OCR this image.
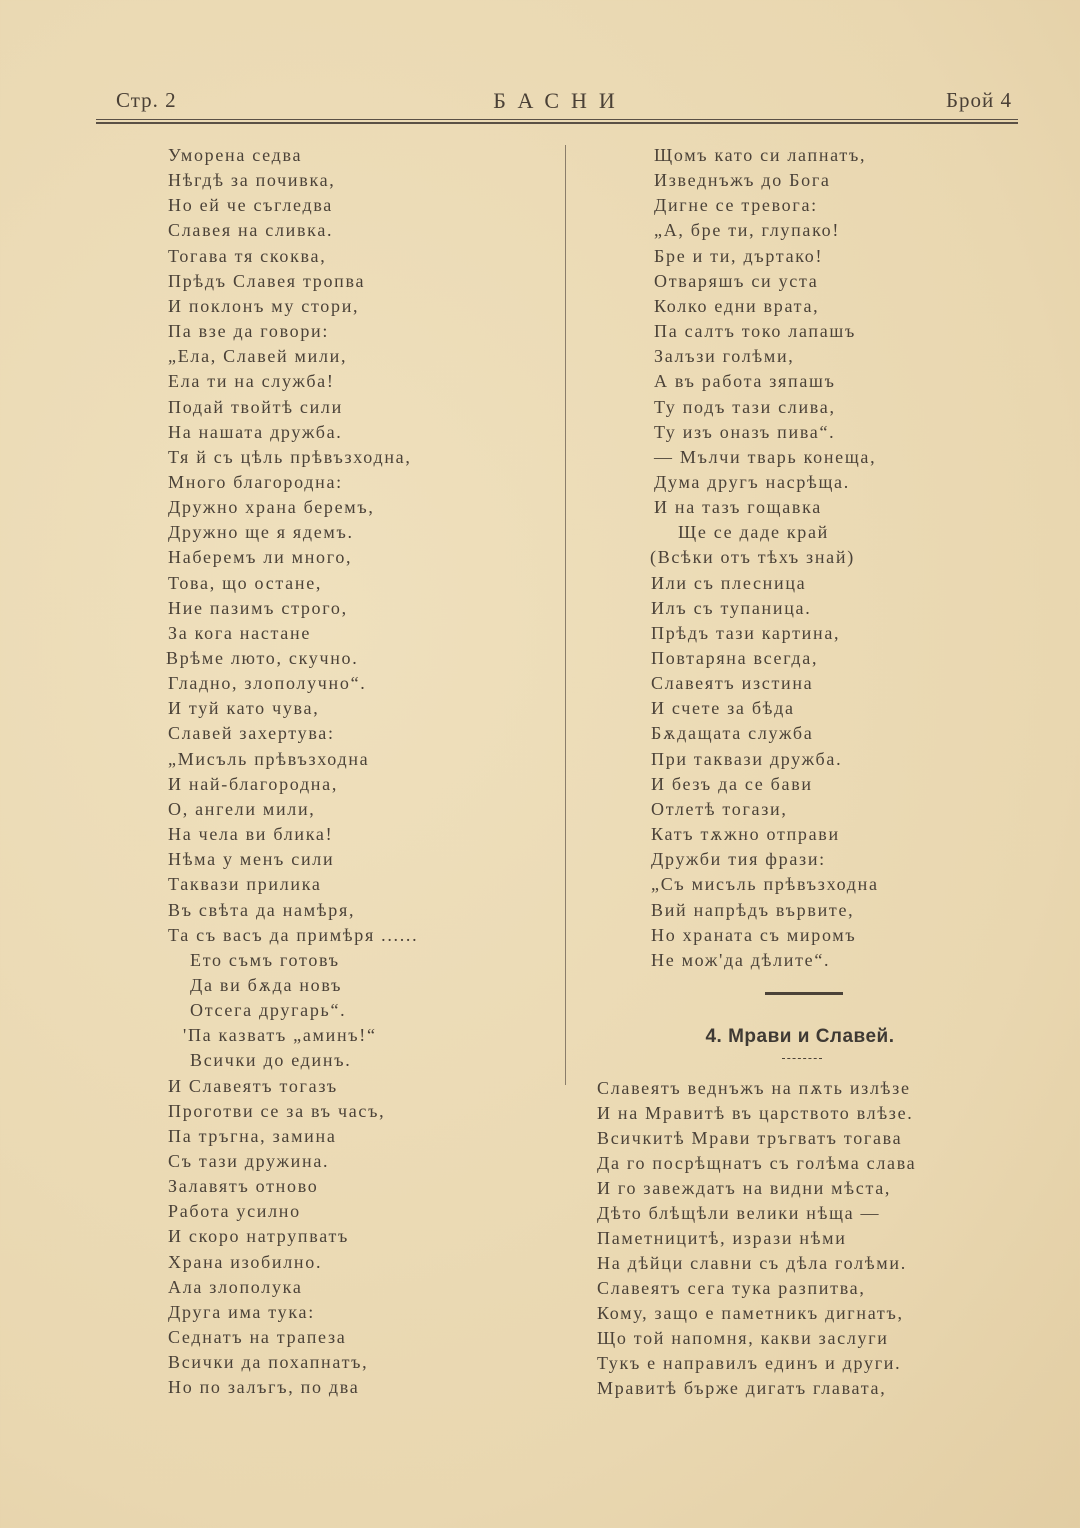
Стр. 2	БАСНИ	Брой 4
4. Мрави и Славей.
Уморена седва
Нѣгдѣ за почивка,
Но ей че съгледва
Славея на сливка.
Тогава тя скоква,
Прѣдъ Славея тропва
И поклонъ му стори,
Па взе да говори:
„Ела, Славей мили,
Ела ти на служба!
Подай твойтѣ сили
На нашата дружба.
Тя й съ цѣль прѣвъзходна,
Много благородна:
Дружно храна беремъ,
Дружно ще я ядемъ.
Наберемъ ли много,
Това, що остане,
Ние пазимъ строго,
За кога настане
Врѣме люто, скучно.
Гладно, злополучно“.
И туй като чува,
Славей захертува:
„Мисъль прѣвъзходна
И най-благородна,
О, ангели мили,
На чела ви блика!
Нѣма у менъ сили
Таквази прилика
Въ свѣта да намѣря,
Та съ васъ да примѣря ......
Ето съмъ готовъ
Да ви бѫда новъ
Отсега другарь“.
'Па казватъ „аминъ!“
Всички до единъ.
И Славеятъ тогазъ
Проготви се за въ часъ,
Па тръгна, замина
Съ тази дружина.
Залавятъ отново
Работа усилно
И скоро натрупватъ
Храна изобилно.
Ала злополука
Друга има тука:
Седнатъ на трапеза
Всички да похапнатъ,
Но по залъгъ, по два
Щомъ като си лапнатъ,
Изведнъжъ до Бога
Дигне се тревога:
„А, бре ти, глупако!
Бре и ти, дъртако!
Отваряшъ си уста
Колко едни врата,
Па салтъ токо лапашъ
Залъзи голѣми,
А въ работа зяпашъ
Ту подъ тази слива,
Ту изъ оназъ пива“.
— Мълчи тварь конеща,
Дума другъ насрѣща.
И на тазъ гощавка
Ще се даде край
(Всѣки отъ тѣхъ знай)
Или съ плесница
Илъ съ тупаница.
Прѣдъ тази картина,
Повтаряна всегда,
Славеятъ изстина
И счете за бѣда
Бѫдащата служба
При таквази дружба.
И безъ да се бави
Отлетѣ тогази,
Катъ тѫжно отправи
Дружби тия фрази:
„Съ мисъль прѣвъзходна
Вий напрѣдъ вървите,
Но храната съ миромъ
Не мож'да дѣлите“.
Славеятъ веднъжъ на пѫть излѣзе
И на Мравитѣ въ царството влѣзе.
Всичкитѣ Мрави тръгватъ тогава
Да го посрѣщнатъ съ голѣма слава
И го завеждатъ на видни мѣста,
Дѣто блѣщѣли велики нѣща —
Паметницитѣ, изрази нѣми
На дѣйци славни съ дѣла голѣми.
Славеятъ сега тука разпитва,
Кому, защо е паметникъ дигнатъ,
Що той напомня, какви заслуги
Тукъ е направилъ единъ и други.
Мравитѣ бърже дигатъ главата,
